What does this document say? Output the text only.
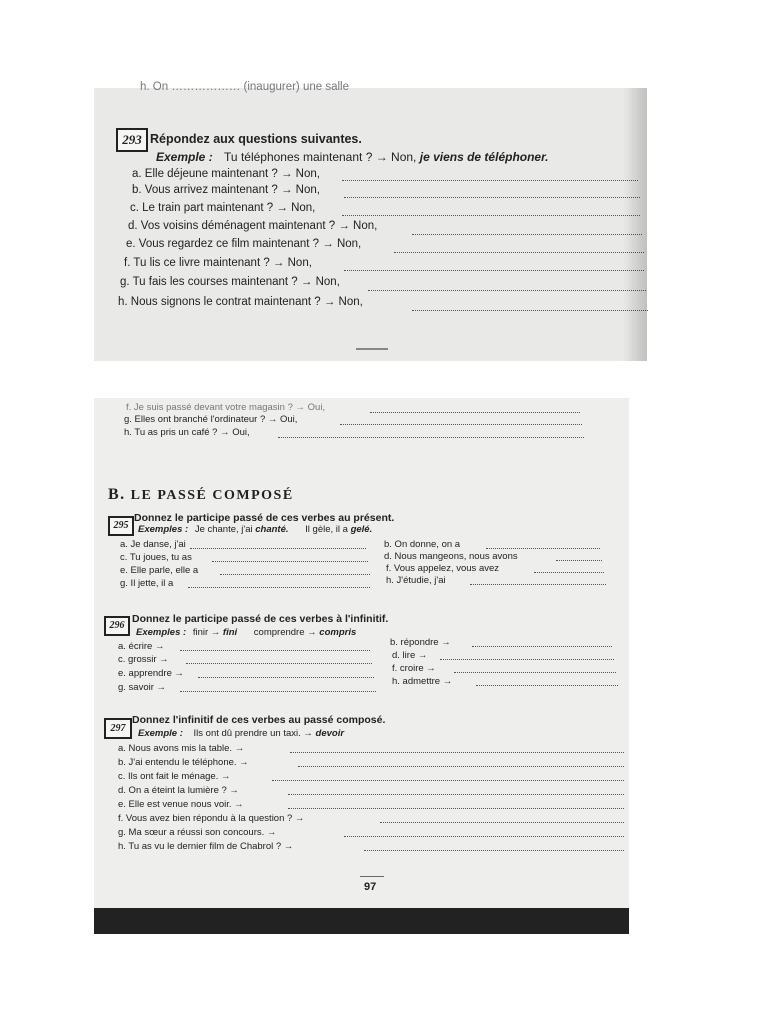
h. On ……………… (inaugurer) une salle
293 Répondez aux questions suivantes.
Exemple : Tu téléphones maintenant ? → Non, je viens de téléphoner.
a. Elle déjeune maintenant ? → Non,
b. Vous arrivez maintenant ? → Non,
c. Le train part maintenant ? → Non,
d. Vos voisins déménagent maintenant ? → Non,
e. Vous regardez ce film maintenant ? → Non,
f. Tu lis ce livre maintenant ? → Non,
g. Tu fais les courses maintenant ? → Non,
h. Nous signons le contrat maintenant ? → Non,
f. Je suis passé devant votre magasin ? → Oui,
g. Elles ont branché l'ordinateur ? → Oui,
h. Tu as pris un café ? → Oui,
B. LE PASSÉ COMPOSÉ
295
Donnez le participe passé de ces verbes au présent.
Exemples : Je chante, j'ai chanté. Il gèle, il a gelé.
a. Je danse, j'ai
c. Tu joues, tu as
e. Elle parle, elle a
g. Il jette, il a
b. On donne, on a
d. Nous mangeons, nous avons
f. Vous appelez, vous avez
h. J'étudie, j'ai
296
Donnez le participe passé de ces verbes à l'infinitif.
Exemples : finir → fini comprendre → compris
a. écrire →
c. grossir →
e. apprendre →
g. savoir →
b. répondre →
d. lire →
f. croire →
h. admettre →
297
Donnez l'infinitif de ces verbes au passé composé.
Exemple : Ils ont dû prendre un taxi. → devoir
a. Nous avons mis la table. →
b. J'ai entendu le téléphone. →
c. Ils ont fait le ménage. →
d. On a éteint la lumière ? →
e. Elle est venue nous voir. →
f. Vous avez bien répondu à la question ? →
g. Ma sœur a réussi son concours. →
h. Tu as vu le dernier film de Chabrol ? →
97
